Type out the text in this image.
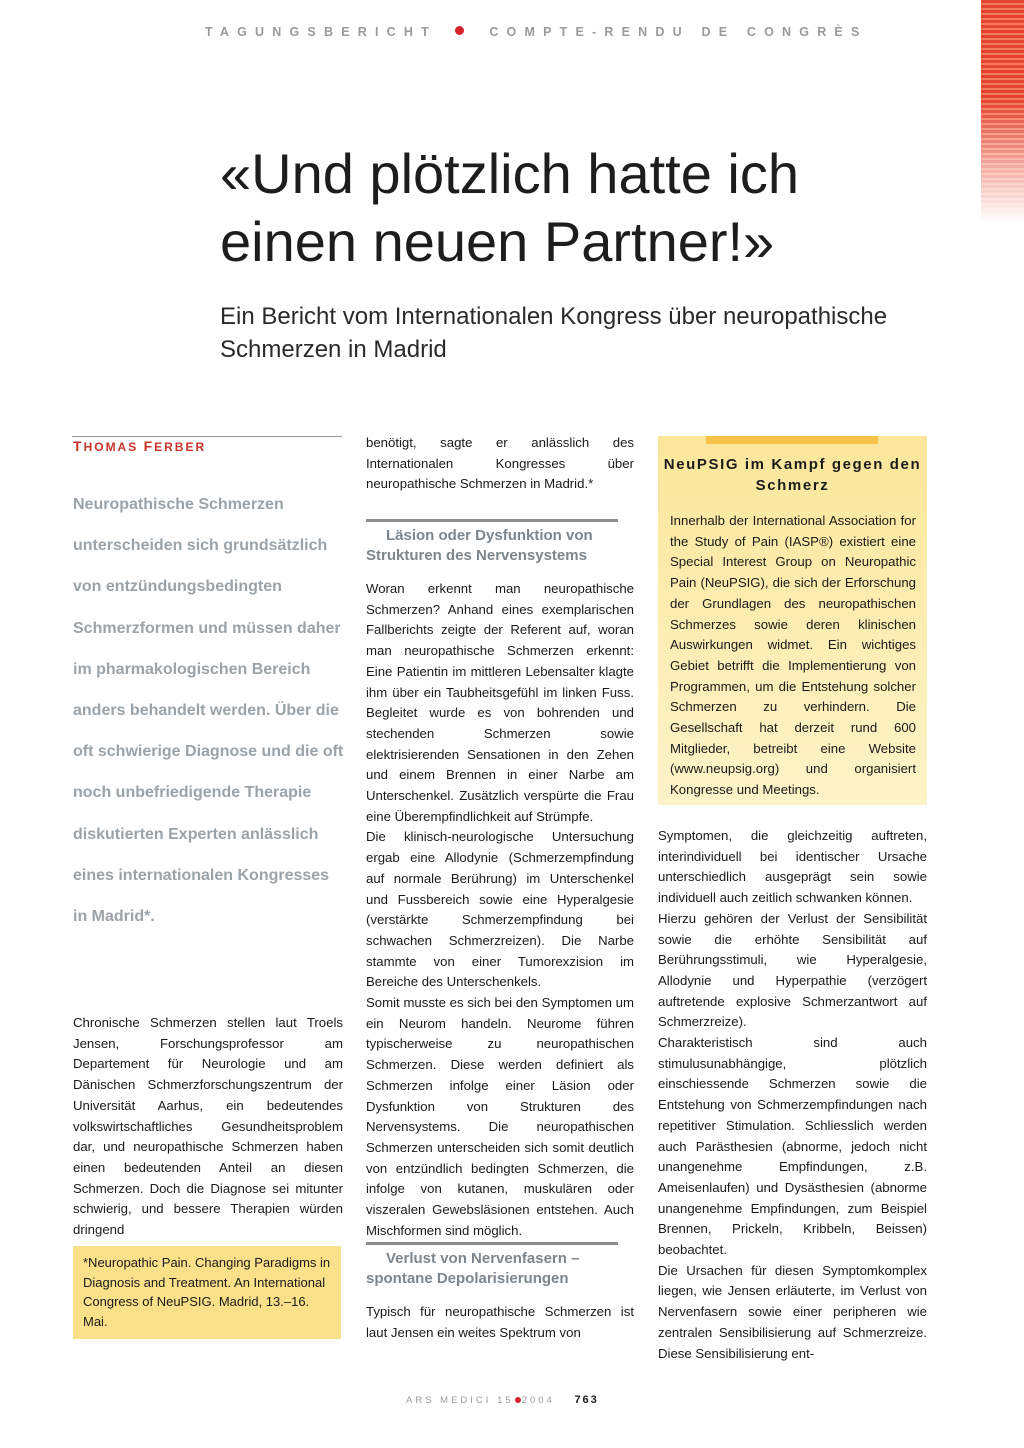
TAGUNGSBERICHT	COMPTE-RENDU DE CONGRÈS
«Und plötzlich hatte ich einen neuen Partner!»
Ein Bericht vom Internationalen Kongress über neuropathische Schmerzen in Madrid
THOMAS FERBER

Neuropathische Schmerzen unterscheiden sich grundsätzlich von entzündungsbedingten Schmerzformen und müssen daher im pharmakologischen Bereich anders behandelt werden. Über die oft schwierige Diagnose und die oft noch unbefriedigende Therapie diskutierten Experten anlässlich eines internationalen Kongresses in Madrid*.

Chronische Schmerzen stellen laut Troels Jensen, Forschungsprofessor am Departement für Neurologie und am Dänischen Schmerzforschungszentrum der Universität Aarhus, ein bedeutendes volkswirtschaftliches Gesundheitsproblem dar, und neuropathische Schmerzen haben einen bedeutenden Anteil an diesen Schmerzen. Doch die Diagnose sei mitunter schwierig, und bessere Therapien würden dringend

*Neuropathic Pain. Changing Paradigms in Diagnosis and Treatment. An International Congress of NeuPSIG. Madrid, 13.–16. Mai.

benötigt, sagte er anlässlich des Internationalen Kongresses über neuropathische Schmerzen in Madrid.*

Läsion oder Dysfunktion von Strukturen des Nervensystems

Woran erkennt man neuropathische Schmerzen? Anhand eines exemplarischen Fallberichts zeigte der Referent auf, woran man neuropathische Schmerzen erkennt: Eine Patientin im mittleren Lebensalter klagte ihm über ein Taubheitsgefühl im linken Fuss. Begleitet wurde es von bohrenden und stechenden Schmerzen sowie elektrisierenden Sensationen in den Zehen und einem Brennen in einer Narbe am Unterschenkel. Zusätzlich verspürte die Frau eine Überempfindlichkeit auf Strümpfe.

Die klinisch-neurologische Untersuchung ergab eine Allodynie (Schmerzempfindung auf normale Berührung) im Unterschenkel und Fussbereich sowie eine Hyperalgesie (verstärkte Schmerzempfindung bei schwachen Schmerzreizen). Die Narbe stammte von einer Tumorexzision im Bereiche des Unterschenkels.

Somit musste es sich bei den Symptomen um ein Neurom handeln. Neurome führen typischerweise zu neuropathischen Schmerzen. Diese werden definiert als Schmerzen infolge einer Läsion oder Dysfunktion von Strukturen des Nervensystems. Die neuropathischen Schmerzen unterscheiden sich somit deutlich von entzündlich bedingten Schmerzen, die infolge von kutanen, muskulären oder viszeralen Gewebsläsionen entstehen. Auch Mischformen sind möglich.

Verlust von Nervenfasern – spontane Depolarisierungen

Typisch für neuropathische Schmerzen ist laut Jensen ein weites Spektrum von

NeuPSIG im Kampf gegen den Schmerz

Innerhalb der International Association for the Study of Pain (IASP®) existiert eine Special Interest Group on Neuropathic Pain (NeuPSIG), die sich der Erforschung der Grundlagen des neuropathischen Schmerzes sowie deren klinischen Auswirkungen widmet. Ein wichtiges Gebiet betrifft die Implementierung von Programmen, um die Entstehung solcher Schmerzen zu verhindern. Die Gesellschaft hat derzeit rund 600 Mitglieder, betreibt eine Website (www.neupsig.org) und organisiert Kongresse und Meetings.

Symptomen, die gleichzeitig auftreten, interindividuell bei identischer Ursache unterschiedlich ausgeprägt sein sowie individuell auch zeitlich schwanken können.

Hierzu gehören der Verlust der Sensibilität sowie die erhöhte Sensibilität auf Berührungsstimuli, wie Hyperalgesie, Allodynie und Hyperpathie (verzögert auftretende explosive Schmerzantwort auf Schmerzreize).

Charakteristisch sind auch stimulusunabhängige, plötzlich einschiessende Schmerzen sowie die Entstehung von Schmerzempfindungen nach repetitiver Stimulation. Schliesslich werden auch Parästhesien (abnorme, jedoch nicht unangenehme Empfindungen, z.B. Ameisenlaufen) und Dysästhesien (abnorme unangenehme Empfindungen, zum Beispiel Brennen, Prickeln, Kribbeln, Beissen) beobachtet.

Die Ursachen für diesen Symptomkomplex liegen, wie Jensen erläuterte, im Verlust von Nervenfasern sowie einer peripheren wie zentralen Sensibilisierung auf Schmerzreize. Diese Sensibilisierung ent-

ARS MEDICI 15 2004 763
